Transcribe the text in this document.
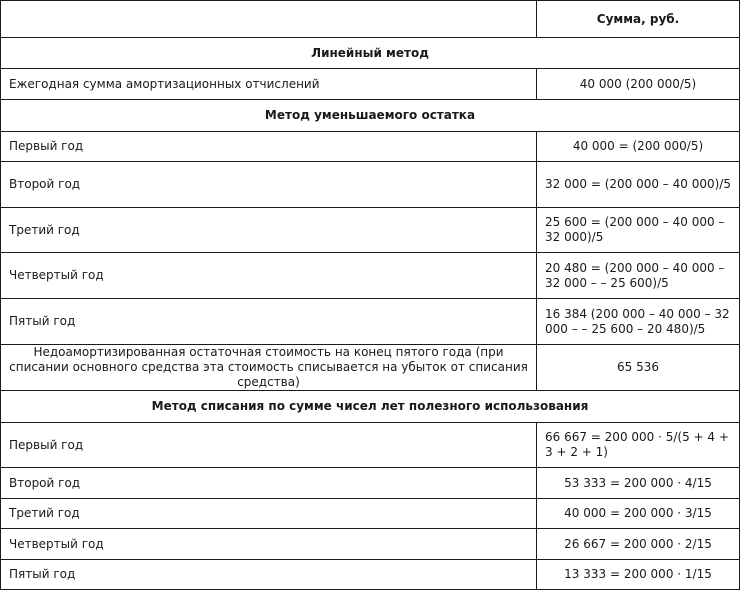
	Сумма, руб.
Линейный метод	
Ежегодная сумма амортизационных отчислений	40 000 (200 000/5)
Метод уменьшаемого остатка	
Первый год	40 000 = (200 000/5)
Второй год	32 000 = (200 000 – 40 000)/5
Третий год	25 600 = (200 000 – 40 000 – 32 000)/5
Четвертый год	20 480 = (200 000 – 40 000 – 32 000 – – 25 600)/5
Пятый год	16 384 (200 000 – 40 000 – 32 000 – – 25 600 – 20 480)/5
Недоамортизированная остаточная стоимость на конец пятого года (при списании основного средства эта стоимость списывается на убыток от списания средства)	65 536
Метод списания по сумме чисел лет полезного использования	
Первый год	66 667 = 200 000 · 5/(5 + 4 + 3 + 2 + 1)
Второй год	53 333 = 200 000 · 4/15
Третий год	40 000 = 200 000 · 3/15
Четвертый год	26 667 = 200 000 · 2/15
Пятый год	13 333 = 200 000 · 1/15
